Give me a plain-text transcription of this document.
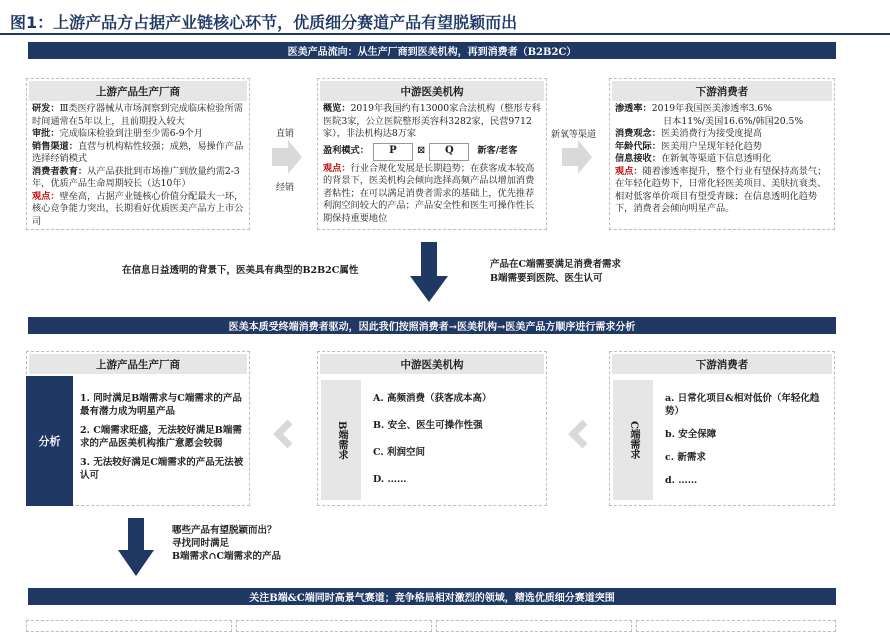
图1：上游产品方占据产业链核心环节，优质细分赛道产品有望脱颖而出
医美产品流向：从生产厂商到医美机构，再到消费者（B2B2C）
上游产品生产厂商
研发：Ⅲ类医疗器械从市场洞察到完成临床检验所需时间通常在5年以上，且前期投入较大
审批：完成临床检验到注册至少需6-9个月
销售渠道：直营与机构粘性较强；成熟，易操作产品选择经销模式
消费者教育：从产品获批到市场推广到放量约需2-3年，优质产品生命周期较长（达10年）
观点：壁垒高，占据产业链核心价值分配最大一环，核心竞争能力突出，长期看好优质医美产品方上市公司
直销
经销
中游医美机构
概览：2019年我国约有13000家合法机构（整形专科医院3家，公立医院整形美容科3282家，民营9712家），非法机构达8万家
盈利模式：	P	⊠	Q	新客/老客
观点：行业合规化发展是长期趋势；在获客成本较高的背景下，医美机构会倾向选择高频产品以增加消费者粘性；在可以满足消费者需求的基础上，优先推荐利润空间较大的产品；产品安全性和医生可操作性长期保持重要地位
新氧等渠道
下游消费者
渗透率：2019年我国医美渗透率3.6%
日本11%/美国16.6%/韩国20.5%
消费观念：医美消费行为接受度提高
年龄代际：医美用户呈现年轻化趋势
信息接收：在新氧等渠道下信息透明化
观点：随着渗透率提升，整个行业有望保持高景气；在年轻化趋势下，日常化轻医美项目、美肤抗衰类、相对低客单价项目有望受青睐；在信息透明化趋势下，消费者会倾向明星产品。
在信息日益透明的背景下，医美具有典型的B2B2C属性
产品在C端需要满足消费者需求
B端需要到医院、医生认可
医美本质受终端消费者驱动，因此我们按照消费者→医美机构→医美产品方顺序进行需求分析
上游产品生产厂商
分析
1. 同时满足B端需求与C端需求的产品最有潜力成为明星产品
2. C端需求旺盛，无法较好满足B端需求的产品医美机构推广意愿会较弱
3. 无法较好满足C端需求的产品无法被认可
中游医美机构
B端需求
A. 高频消费（获客成本高）
B. 安全、医生可操作性强
C. 利润空间
D. ……
下游消费者
C端需求
a. 日常化项目&相对低价（年轻化趋势）
b. 安全保障
c. 新需求
d. ……
哪些产品有望脱颖而出？
寻找同时满足
B端需求∩C端需求的产品
关注B端&C端同时高景气赛道；竞争格局相对激烈的领域，精选优质细分赛道突围
